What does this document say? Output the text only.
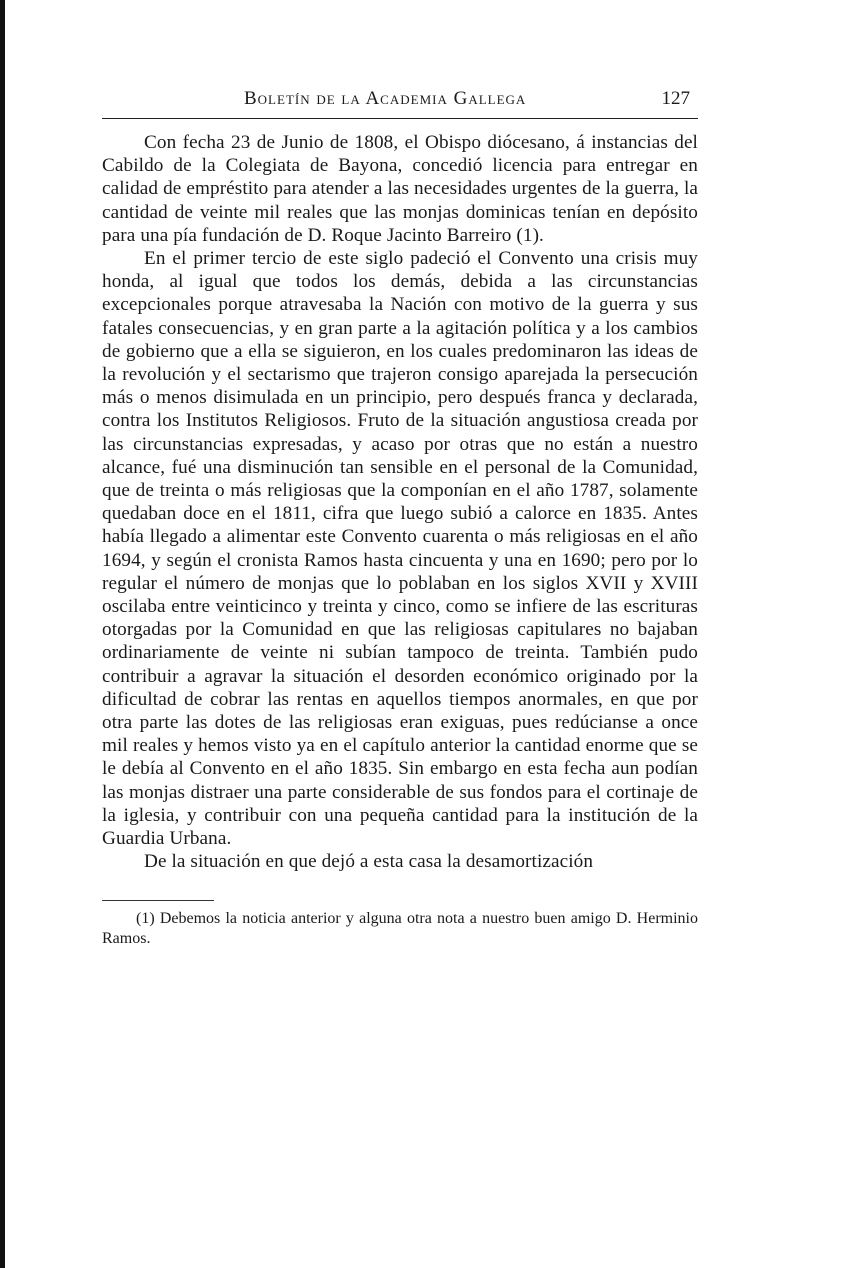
Boletín de la Academia Gallega	127

Con fecha 23 de Junio de 1808, el Obispo diócesano, á instancias del Cabildo de la Colegiata de Bayona, concedió licencia para entregar en calidad de empréstito para atender a las necesidades urgentes de la guerra, la cantidad de veinte mil reales que las monjas dominicas tenían en depósito para una pía fundación de D. Roque Jacinto Barreiro (1).

En el primer tercio de este siglo padeció el Convento una crisis muy honda, al igual que todos los demás, debida a las circunstancias excepcionales porque atravesaba la Nación con motivo de la guerra y sus fatales consecuencias, y en gran parte a la agitación política y a los cambios de gobierno que a ella se siguieron, en los cuales predominaron las ideas de la revolución y el sectarismo que trajeron consigo aparejada la persecución más o menos disimulada en un principio, pero después franca y declarada, contra los Institutos Religiosos. Fruto de la situación angustiosa creada por las circunstancias expresadas, y acaso por otras que no están a nuestro alcance, fué una disminución tan sensible en el personal de la Comunidad, que de treinta o más religiosas que la componían en el año 1787, solamente quedaban doce en el 1811, cifra que luego subió a calorce en 1835. Antes había llegado a alimentar este Convento cuarenta o más religiosas en el año 1694, y según el cronista Ramos hasta cincuenta y una en 1690; pero por lo regular el número de monjas que lo poblaban en los siglos XVII y XVIII oscilaba entre veinticinco y treinta y cinco, como se infiere de las escrituras otorgadas por la Comunidad en que las religiosas capitulares no bajaban ordinariamente de veinte ni subían tampoco de treinta. También pudo contribuir a agravar la situación el desorden económico originado por la dificultad de cobrar las rentas en aquellos tiempos anormales, en que por otra parte las dotes de las religiosas eran exiguas, pues redúcianse a once mil reales y hemos visto ya en el capítulo anterior la cantidad enorme que se le debía al Convento en el año 1835. Sin embargo en esta fecha aun podían las monjas distraer una parte considerable de sus fondos para el cortinaje de la iglesia, y contribuir con una pequeña cantidad para la institución de la Guardia Urbana.

De la situación en que dejó a esta casa la desamortización

(1) Debemos la noticia anterior y alguna otra nota a nuestro buen amigo D. Herminio Ramos.
